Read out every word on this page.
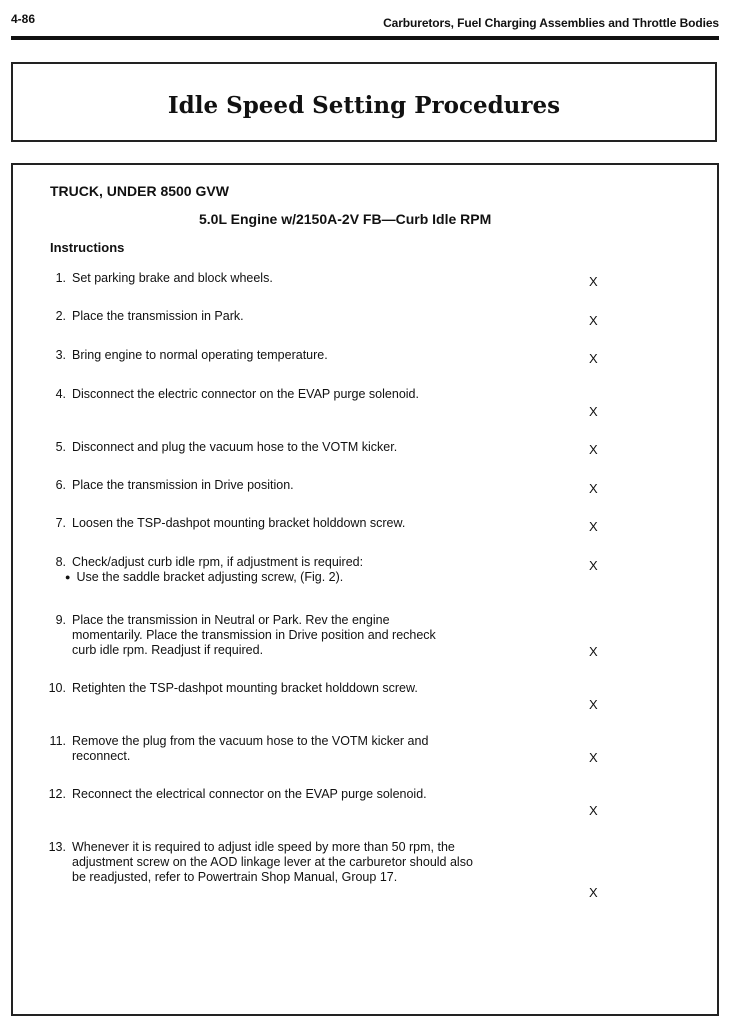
4-86	Carburetors, Fuel Charging Assemblies and Throttle Bodies
Idle Speed Setting Procedures
TRUCK, UNDER 8500 GVW
5.0L Engine w/2150A-2V FB—Curb Idle RPM
Instructions
1. Set parking brake and block wheels.	X
2. Place the transmission in Park.	X
3. Bring engine to normal operating temperature.	X
4. Disconnect the electric connector on the EVAP purge solenoid.
X
5. Disconnect and plug the vacuum hose to the VOTM kicker.	X
6. Place the transmission in Drive position.	X
7. Loosen the TSP-dashpot mounting bracket holddown screw.	X
8. Check/adjust curb idle rpm, if adjustment is required:
● Use the saddle bracket adjusting screw, (Fig. 2).
X
9. Place the transmission in Neutral or Park. Rev the engine momentarily. Place the transmission in Drive position and recheck curb idle rpm. Readjust if required.	X
10. Retighten the TSP-dashpot mounting bracket holddown screw.
X
11. Remove the plug from the vacuum hose to the VOTM kicker and reconnect.	X
12. Reconnect the electrical connector on the EVAP purge solenoid.
X
13. Whenever it is required to adjust idle speed by more than 50 rpm, the adjustment screw on the AOD linkage lever at the carburetor should also be readjusted, refer to Powertrain Shop Manual, Group 17.
X
